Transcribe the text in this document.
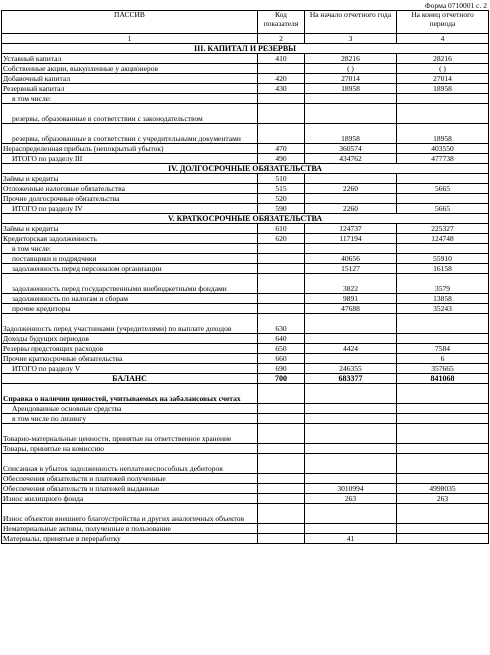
Форма 0710001 с. 2
ПАССИВ	Код показателя	На начало отчетного года	На конец отчетного периода
1	2	3	4
III. КАПИТАЛ И РЕЗЕРВЫ			
Уставный капитал	410	28216	28216
Собственные акции, выкупленные у акционеров		( )	( )
Добавочный капитал	420	27014	27014
Резервный капитал	430	18958	18958
в том числе:			
резервы, образованные в соответствии с законодательством			
резервы, образованные в соответствии с учредительными документами		18958	18958
Нераспределенная прибыль (непокрытый убыток)	470	360574	403550
ИТОГО по разделу III	490	434762	477738
IV. ДОЛГОСРОЧНЫЕ ОБЯЗАТЕЛЬСТВА			
Займы и кредиты	510		
Отложенные налоговые обязательства	515	2260	5665
Прочие долгосрочные обязательства	520		
ИТОГО по разделу IV	590	2260	5665
V. КРАТКОСРОЧНЫЕ ОБЯЗАТЕЛЬСТВА			
Займы и кредиты	610	124737	225327
Кредиторская задолженность	620	117194	124748
в том числе:			
поставщики и подрядчики		40656	55910
задолженность перед персоналом организации		15127	16158
задолженность перед государственными внебюджетными фондами		3822	3579
задолженность по налогам и сборам		9891	13858
прочие кредиторы		47688	35243
Задолженность перед участниками (учредителями) по выплате доходов	630		
Доходы будущих периодов	640		
Резервы предстоящих расходов	650	4424	7584
Прочие краткосрочные обязательства	660		6
ИТОГО по разделу V	690	246355	357665
БАЛАНС	700	683377	841068
Справка о наличии ценностей, учитываемых на забалансовых счетах			
Арендованные основные средства			
в том числе по лизингу			
Товарно-материальные ценности, принятые на ответственное хранение			
Товары, принятые на комиссию			
Списанная в убыток задолженность неплатежеспособных дебиторов			
Обеспечения обязательств и платежей полученные			
Обеспечения обязательств и платежей выданные		3010994	4998035
Износ жилищного фонда		263	263
Износ объектов внешнего благоустройства и других аналогичных объектов			
Нематериальные активы, полученные в пользование			
Материалы, принятые в переработку		41	
